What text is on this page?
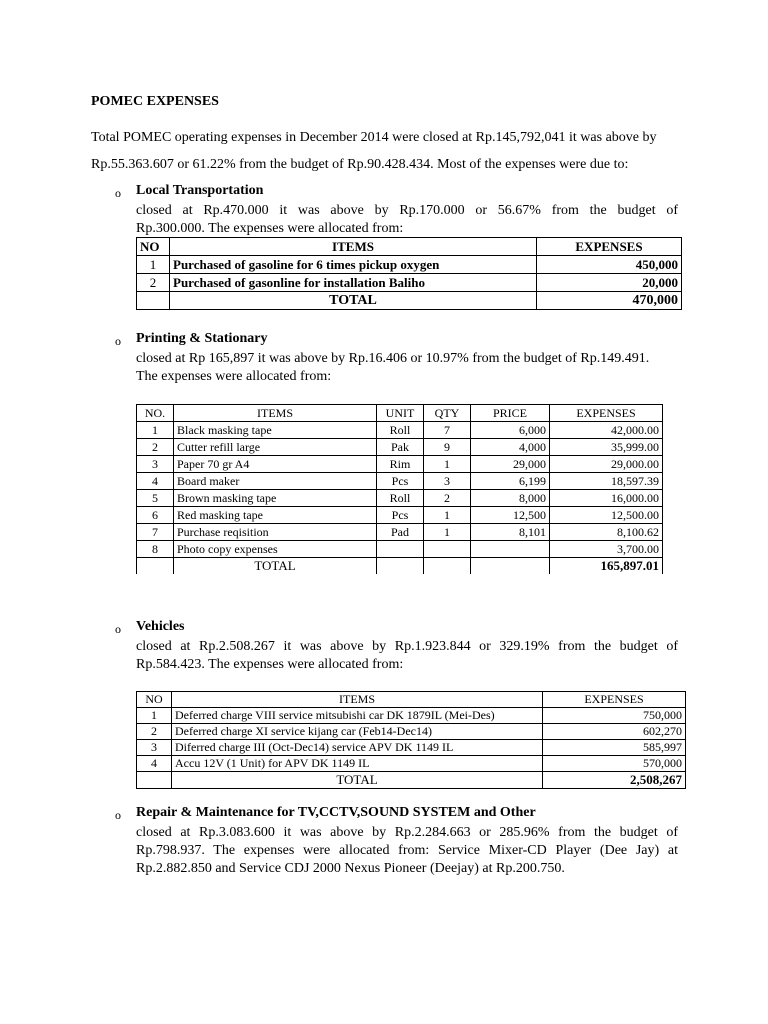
POMEC EXPENSES
Total POMEC operating expenses in December 2014 were closed at Rp.145,792,041 it was above by
Rp.55.363.607 or 61.22% from the budget of Rp.90.428.434. Most of the expenses were due to:
o Local Transportation
closed at Rp.470.000 it was above by Rp.170.000 or 56.67% from the budget of
Rp.300.000. The expenses were allocated from:
NO	ITEMS	EXPENSES
1	Purchased of gasoline for 6 times pickup oxygen	450,000
2	Purchased of gasonline for installation Baliho	20,000
	TOTAL	470,000
o Printing & Stationary
closed at Rp 165,897 it was above by Rp.16.406 or 10.97% from the budget of Rp.149.491.
The expenses were allocated from:
NO.	ITEMS	UNIT	QTY	PRICE	EXPENSES
1	Black masking tape	Roll	7	6,000	42,000.00
2	Cutter refill large	Pak	9	4,000	35,999.00
3	Paper 70 gr A4	Rim	1	29,000	29,000.00
4	Board maker	Pcs	3	6,199	18,597.39
5	Brown masking tape	Roll	2	8,000	16,000.00
6	Red masking tape	Pcs	1	12,500	12,500.00
7	Purchase reqisition	Pad	1	8,101	8,100.62
8	Photo copy expenses				3,700.00
	TOTAL				165,897.01
o Vehicles
closed at Rp.2.508.267 it was above by Rp.1.923.844 or 329.19% from the budget of
Rp.584.423. The expenses were allocated from:
NO	ITEMS	EXPENSES
1	Deferred charge VIII service mitsubishi car DK 1879IL (Mei-Des)	750,000
2	Deferred charge XI service kijang car (Feb14-Dec14)	602,270
3	Diferred charge III (Oct-Dec14) service APV DK 1149 IL	585,997
4	Accu 12V (1 Unit) for APV DK 1149 IL	570,000
	TOTAL	2,508,267
o Repair & Maintenance for TV,CCTV,SOUND SYSTEM and Other
closed at Rp.3.083.600 it was above by Rp.2.284.663 or 285.96% from the budget of
Rp.798.937. The expenses were allocated from: Service Mixer-CD Player (Dee Jay) at
Rp.2.882.850 and Service CDJ 2000 Nexus Pioneer (Deejay) at Rp.200.750.
